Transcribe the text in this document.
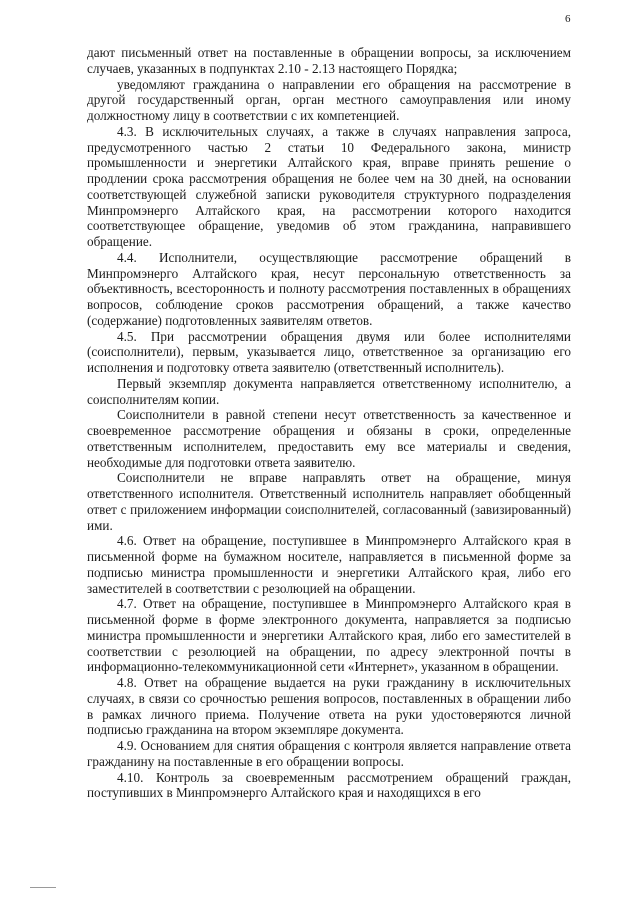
6

дают письменный ответ на поставленные в обращении вопросы, за исключением случаев, указанных в подпунктах 2.10 - 2.13 настоящего Порядка;

уведомляют гражданина о направлении его обращения на рассмотрение в другой государственный орган, орган местного самоуправления или иному должностному лицу в соответствии с их компетенцией.

4.3. В исключительных случаях, а также в случаях направления запроса, предусмотренного частью 2 статьи 10 Федерального закона, министр промышленности и энергетики Алтайского края, вправе принять решение о продлении срока рассмотрения обращения не более чем на 30 дней, на основании соответствующей служебной записки руководителя структурного подразделения Минпромэнерго Алтайского края, на рассмотрении которого находится соответствующее обращение, уведомив об этом гражданина, направившего обращение.

4.4. Исполнители, осуществляющие рассмотрение обращений в Минпромэнерго Алтайского края, несут персональную ответственность за объективность, всесторонность и полноту рассмотрения поставленных в обращениях вопросов, соблюдение сроков рассмотрения обращений, а также качество (содержание) подготовленных заявителям ответов.

4.5. При рассмотрении обращения двумя или более исполнителями (соисполнители), первым, указывается лицо, ответственное за организацию его исполнения и подготовку ответа заявителю (ответственный исполнитель).

Первый экземпляр документа направляется ответственному исполнителю, а соисполнителям копии.

Соисполнители в равной степени несут ответственность за качественное и своевременное рассмотрение обращения и обязаны в сроки, определенные ответственным исполнителем, предоставить ему все материалы и сведения, необходимые для подготовки ответа заявителю.

Соисполнители не вправе направлять ответ на обращение, минуя ответственного исполнителя. Ответственный исполнитель направляет обобщенный ответ с приложением информации соисполнителей, согласованный (завизированный) ими.

4.6. Ответ на обращение, поступившее в Минпромэнерго Алтайского края в письменной форме на бумажном носителе, направляется в письменной форме за подписью министра промышленности и энергетики Алтайского края, либо его заместителей в соответствии с резолюцией на обращении.

4.7. Ответ на обращение, поступившее в Минпромэнерго Алтайского края в письменной форме в форме электронного документа, направляется за подписью министра промышленности и энергетики Алтайского края, либо его заместителей в соответствии с резолюцией на обращении, по адресу электронной почты в информационно-телекоммуникационной сети «Интернет», указанном в обращении.

4.8. Ответ на обращение выдается на руки гражданину в исключительных случаях, в связи со срочностью решения вопросов, поставленных в обращении либо в рамках личного приема. Получение ответа на руки удостоверяются личной подписью гражданина на втором экземпляре документа.

4.9. Основанием для снятия обращения с контроля является направление ответа гражданину на поставленные в его обращении вопросы.

4.10. Контроль за своевременным рассмотрением обращений граждан, поступивших в Минпромэнерго Алтайского края и находящихся в его
